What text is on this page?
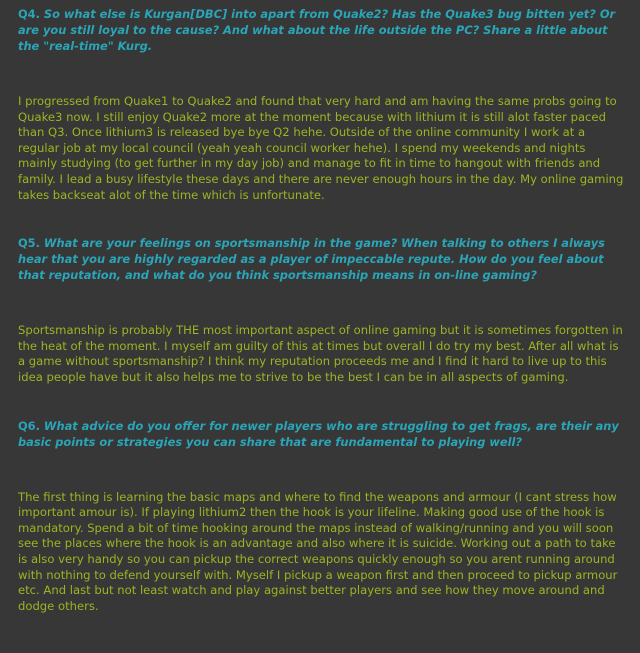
Q4. So what else is Kurgan[DBC] into apart from Quake2? Has the Quake3 bug bitten yet? Or are you still loyal to the cause? And what about the life outside the PC? Share a little about the "real-time" Kurg.

I progressed from Quake1 to Quake2 and found that very hard and am having the same probs going to Quake3 now. I still enjoy Quake2 more at the moment because with lithium it is still alot faster paced than Q3. Once lithium3 is released bye bye Q2 hehe. Outside of the online community I work at a regular job at my local council (yeah yeah council worker hehe). I spend my weekends and nights mainly studying (to get further in my day job) and manage to fit in time to hangout with friends and family. I lead a busy lifestyle these days and there are never enough hours in the day. My online gaming takes backseat alot of the time which is unfortunate.

Q5. What are your feelings on sportsmanship in the game? When talking to others I always hear that you are highly regarded as a player of impeccable repute. How do you feel about that reputation, and what do you think sportsmanship means in on-line gaming?

Sportsmanship is probably THE most important aspect of online gaming but it is sometimes forgotten in the heat of the moment. I myself am guilty of this at times but overall I do try my best. After all what is a game without sportsmanship? I think my reputation proceeds me and I find it hard to live up to this idea people have but it also helps me to strive to be the best I can be in all aspects of gaming.

Q6. What advice do you offer for newer players who are struggling to get frags, are their any basic points or strategies you can share that are fundamental to playing well?

The first thing is learning the basic maps and where to find the weapons and armour (I cant stress how important amour is). If playing lithium2 then the hook is your lifeline. Making good use of the hook is mandatory. Spend a bit of time hooking around the maps instead of walking/running and you will soon see the places where the hook is an advantage and also where it is suicide. Working out a path to take is also very handy so you can pickup the correct weapons quickly enough so you arent running around with nothing to defend yourself with. Myself I pickup a weapon first and then proceed to pickup armour etc. And last but not least watch and play against better players and see how they move around and dodge others.
